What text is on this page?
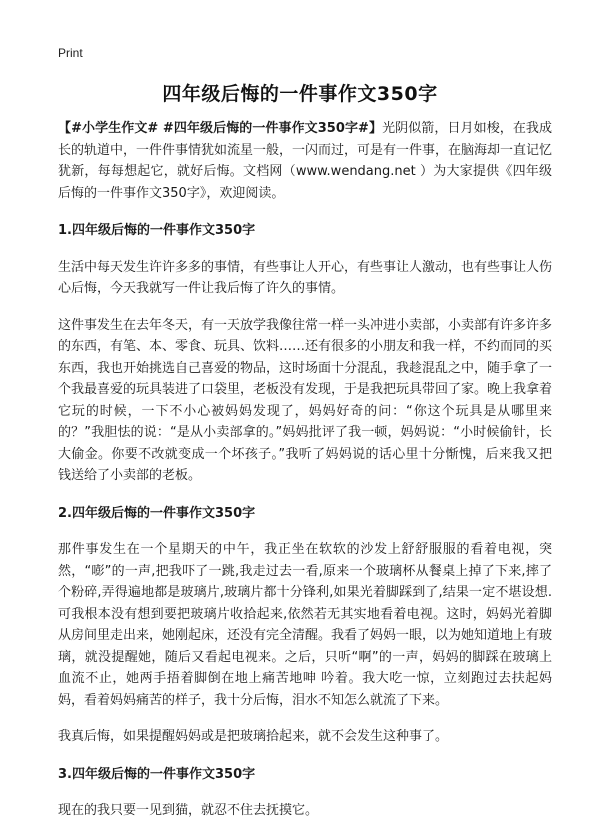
Print
四年级后悔的一件事作文350字

【#小学生作文# #四年级后悔的一件事作文350字#】光阴似箭，日月如梭，在我成长的轨道中，一件件事情犹如流星一般，一闪而过，可是有一件事，在脑海却一直记忆犹新，每每想起它，就好后悔。文档网（www.wendang.net ）为大家提供《四年级后悔的一件事作文350字》，欢迎阅读。

1.四年级后悔的一件事作文350字

生活中每天发生许许多多的事情，有些事让人开心，有些事让人激动，也有些事让人伤心后悔，今天我就写一件让我后悔了许久的事情。

这件事发生在去年冬天，有一天放学我像往常一样一头冲进小卖部，小卖部有许多许多的东西，有笔、本、零食、玩具、饮料……还有很多的小朋友和我一样，不约而同的买东西，我也开始挑选自己喜爱的物品，这时场面十分混乱，我趁混乱之中，随手拿了一个我最喜爱的玩具装进了口袋里，老板没有发现，于是我把玩具带回了家。晚上我拿着它玩的时候，一下不小心被妈妈发现了，妈妈好奇的问：“你这个玩具是从哪里来的？”我胆怯的说：“是从小卖部拿的。”妈妈批评了我一顿，妈妈说：“小时候偷针，长大偷金。你要不改就变成一个坏孩子。”我听了妈妈说的话心里十分惭愧，后来我又把钱送给了小卖部的老板。

2.四年级后悔的一件事作文350字

那件事发生在一个星期天的中午，我正坐在软软的沙发上舒舒服服的看着电视，突然，“嘭”的一声,把我吓了一跳,我走过去一看,原来一个玻璃杯从餐桌上掉了下来,摔了个粉碎,弄得遍地都是玻璃片,玻璃片都十分锋利,如果光着脚踩到了,结果一定不堪设想.可我根本没有想到要把玻璃片收拾起来,依然若无其实地看着电视。这时，妈妈光着脚从房间里走出来，她刚起床，还没有完全清醒。我看了妈妈一眼，以为她知道地上有玻璃，就没提醒她，随后又看起电视来。之后，只听“啊”的一声，妈妈的脚踩在玻璃上血流不止，她两手捂着脚倒在地上痛苦地呻 吟着。我大吃一惊，立刻跑过去扶起妈妈，看着妈妈痛苦的样子，我十分后悔，泪水不知怎么就流了下来。

我真后悔，如果提醒妈妈或是把玻璃拾起来，就不会发生这种事了。

3.四年级后悔的一件事作文350字

现在的我只要一见到猫，就忍不住去抚摸它。
